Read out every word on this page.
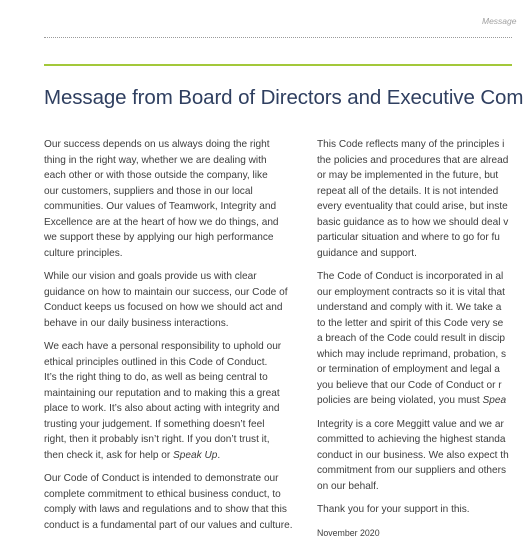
Message
Message from Board of Directors and Executive Com

Our success depends on us always doing the right
thing in the right way, whether we are dealing with
each other or with those outside the company, like
our customers, suppliers and those in our local
communities. Our values of Teamwork, Integrity and
Excellence are at the heart of how we do things, and
we support these by applying our high performance
culture principles.

While our vision and goals provide us with clear
guidance on how to maintain our success, our Code of
Conduct keeps us focused on how we should act and
behave in our daily business interactions.

We each have a personal responsibility to uphold our
ethical principles outlined in this Code of Conduct.
It’s the right thing to do, as well as being central to
maintaining our reputation and to making this a great
place to work. It’s also about acting with integrity and
trusting your judgement. If something doesn’t feel
right, then it probably isn’t right. If you don’t trust it,
then check it, ask for help or Speak Up.

Our Code of Conduct is intended to demonstrate our
complete commitment to ethical business conduct, to
comply with laws and regulations and to show that this
conduct is a fundamental part of our values and culture.

This Code reflects many of the principles i
the policies and procedures that are alread
or may be implemented in the future, but
repeat all of the details. It is not intended
every eventuality that could arise, but inste
basic guidance as to how we should deal v
particular situation and where to go for fu
guidance and support.

The Code of Conduct is incorporated in al
our employment contracts so it is vital that
understand and comply with it. We take a
to the letter and spirit of this Code very se
a breach of the Code could result in discip
which may include reprimand, probation, s
or termination of employment and legal a
you believe that our Code of Conduct or r
policies are being violated, you must Spea

Integrity is a core Meggitt value and we ar
committed to achieving the highest standa
conduct in our business. We also expect th
commitment from our suppliers and others
on our behalf.

Thank you for your support in this.

November 2020
